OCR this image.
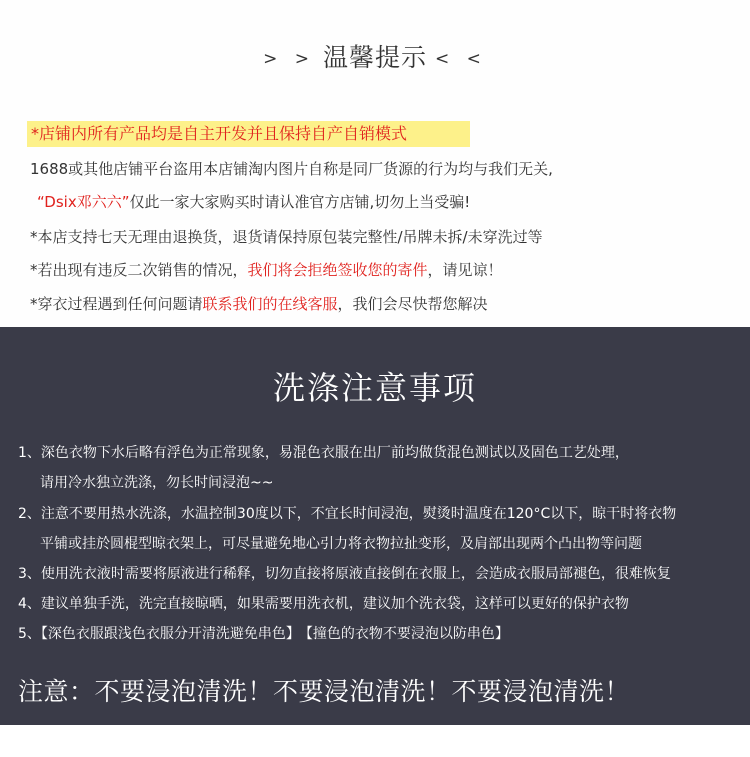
> > 温馨提示 < <
*店铺内所有产品均是自主开发并且保持自产自销模式
1688或其他店铺平台盗用本店铺淘内图片自称是同厂货源的行为均与我们无关,
“Dsix邓六六”仅此一家大家购买时请认准官方店铺,切勿上当受骗!
*本店支持七天无理由退换货，退货请保持原包装完整性/吊牌未拆/未穿洗过等
*若出现有违反二次销售的情况，我们将会拒绝签收您的寄件，请见谅！
*穿衣过程遇到任何问题请联系我们的在线客服，我们会尽快帮您解决
洗涤注意事项
1、深色衣物下水后略有浮色为正常现象，易混色衣服在出厂前均做货混色测试以及固色工艺处理，
请用冷水独立洗涤，勿长时间浸泡~~
2、注意不要用热水洗涤，水温控制30度以下，不宜长时间浸泡，熨烫时温度在120°C以下，晾干时将衣物
平铺或挂於圆棍型晾衣架上，可尽量避免地心引力将衣物拉扯变形，及肩部出现两个凸出物等问题
3、使用洗衣液时需要将原液进行稀释，切勿直接将原液直接倒在衣服上，会造成衣服局部褪色，很难恢复
4、建议单独手洗，洗完直接晾晒，如果需要用洗衣机，建议加个洗衣袋，这样可以更好的保护衣物
5、【深色衣服跟浅色衣服分开清洗避免串色】 【撞色的衣物不要浸泡以防串色】
注意：不要浸泡清洗！不要浸泡清洗！不要浸泡清洗！
